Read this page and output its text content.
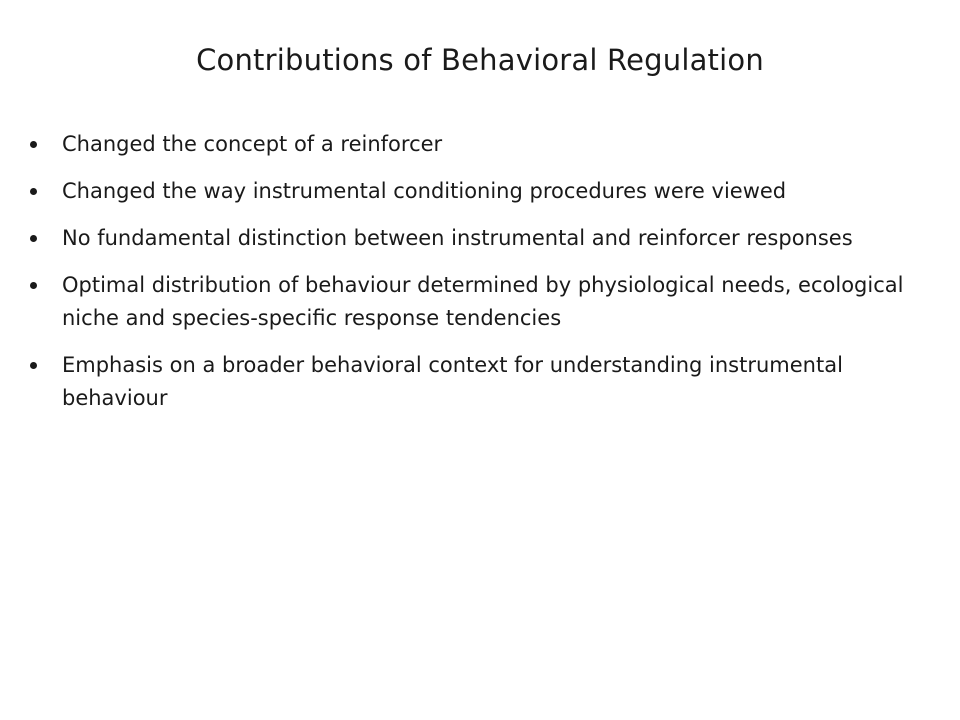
Contributions of Behavioral Regulation
Changed the concept of a reinforcer
Changed the way instrumental conditioning procedures were viewed
No fundamental distinction between instrumental and reinforcer responses
Optimal distribution of behaviour determined by physiological needs, ecological niche and species-specific response tendencies
Emphasis on a broader behavioral context for understanding instrumental behaviour
